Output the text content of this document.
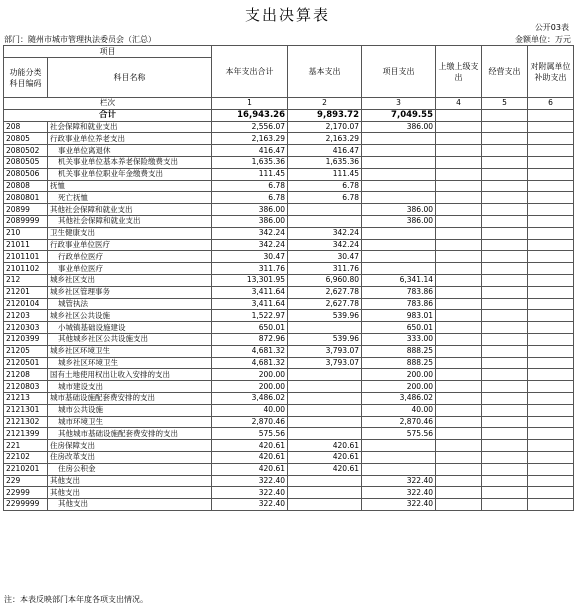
支出决算表
公开03表
部门：随州市城市管理执法委员会（汇总）	金额单位：万元
项目		本年支出合计	基本支出	项目支出	上缴上级支出	经营支出	对附属单位补助支出
功能分类科目编码	科目名称						
栏次		1	2	3	4	5	6
合计		16,943.26	9,893.72	7,049.55			
208	社会保障和就业支出	2,556.07	2,170.07	386.00			
20805	行政事业单位养老支出	2,163.29	2,163.29				
2080502	事业单位离退休	416.47	416.47				
2080505	机关事业单位基本养老保险缴费支出	1,635.36	1,635.36				
2080506	机关事业单位职业年金缴费支出	111.45	111.45				
20808	抚恤	6.78	6.78				
2080801	死亡抚恤	6.78	6.78				
20899	其他社会保障和就业支出	386.00		386.00			
2089999	其他社会保障和就业支出	386.00		386.00			
210	卫生健康支出	342.24	342.24				
21011	行政事业单位医疗	342.24	342.24				
2101101	行政单位医疗	30.47	30.47				
2101102	事业单位医疗	311.76	311.76				
212	城乡社区支出	13,301.95	6,960.80	6,341.14			
21201	城乡社区管理事务	3,411.64	2,627.78	783.86			
2120104	城管执法	3,411.64	2,627.78	783.86			
21203	城乡社区公共设施	1,522.97	539.96	983.01			
2120303	小城镇基础设施建设	650.01		650.01			
2120399	其他城乡社区公共设施支出	872.96	539.96	333.00			
21205	城乡社区环境卫生	4,681.32	3,793.07	888.25			
2120501	城乡社区环境卫生	4,681.32	3,793.07	888.25			
21208	国有土地使用权出让收入安排的支出	200.00		200.00			
2120803	城市建设支出	200.00		200.00			
21213	城市基础设施配套费安排的支出	3,486.02		3,486.02			
2121301	城市公共设施	40.00		40.00			
2121302	城市环境卫生	2,870.46		2,870.46			
2121399	其他城市基础设施配套费安排的支出	575.56		575.56			
221	住房保障支出	420.61	420.61				
22102	住房改革支出	420.61	420.61				
2210201	住房公积金	420.61	420.61				
229	其他支出	322.40		322.40			
22999	其他支出	322.40		322.40			
2299999	其他支出	322.40		322.40			
注：本表反映部门本年度各项支出情况。
